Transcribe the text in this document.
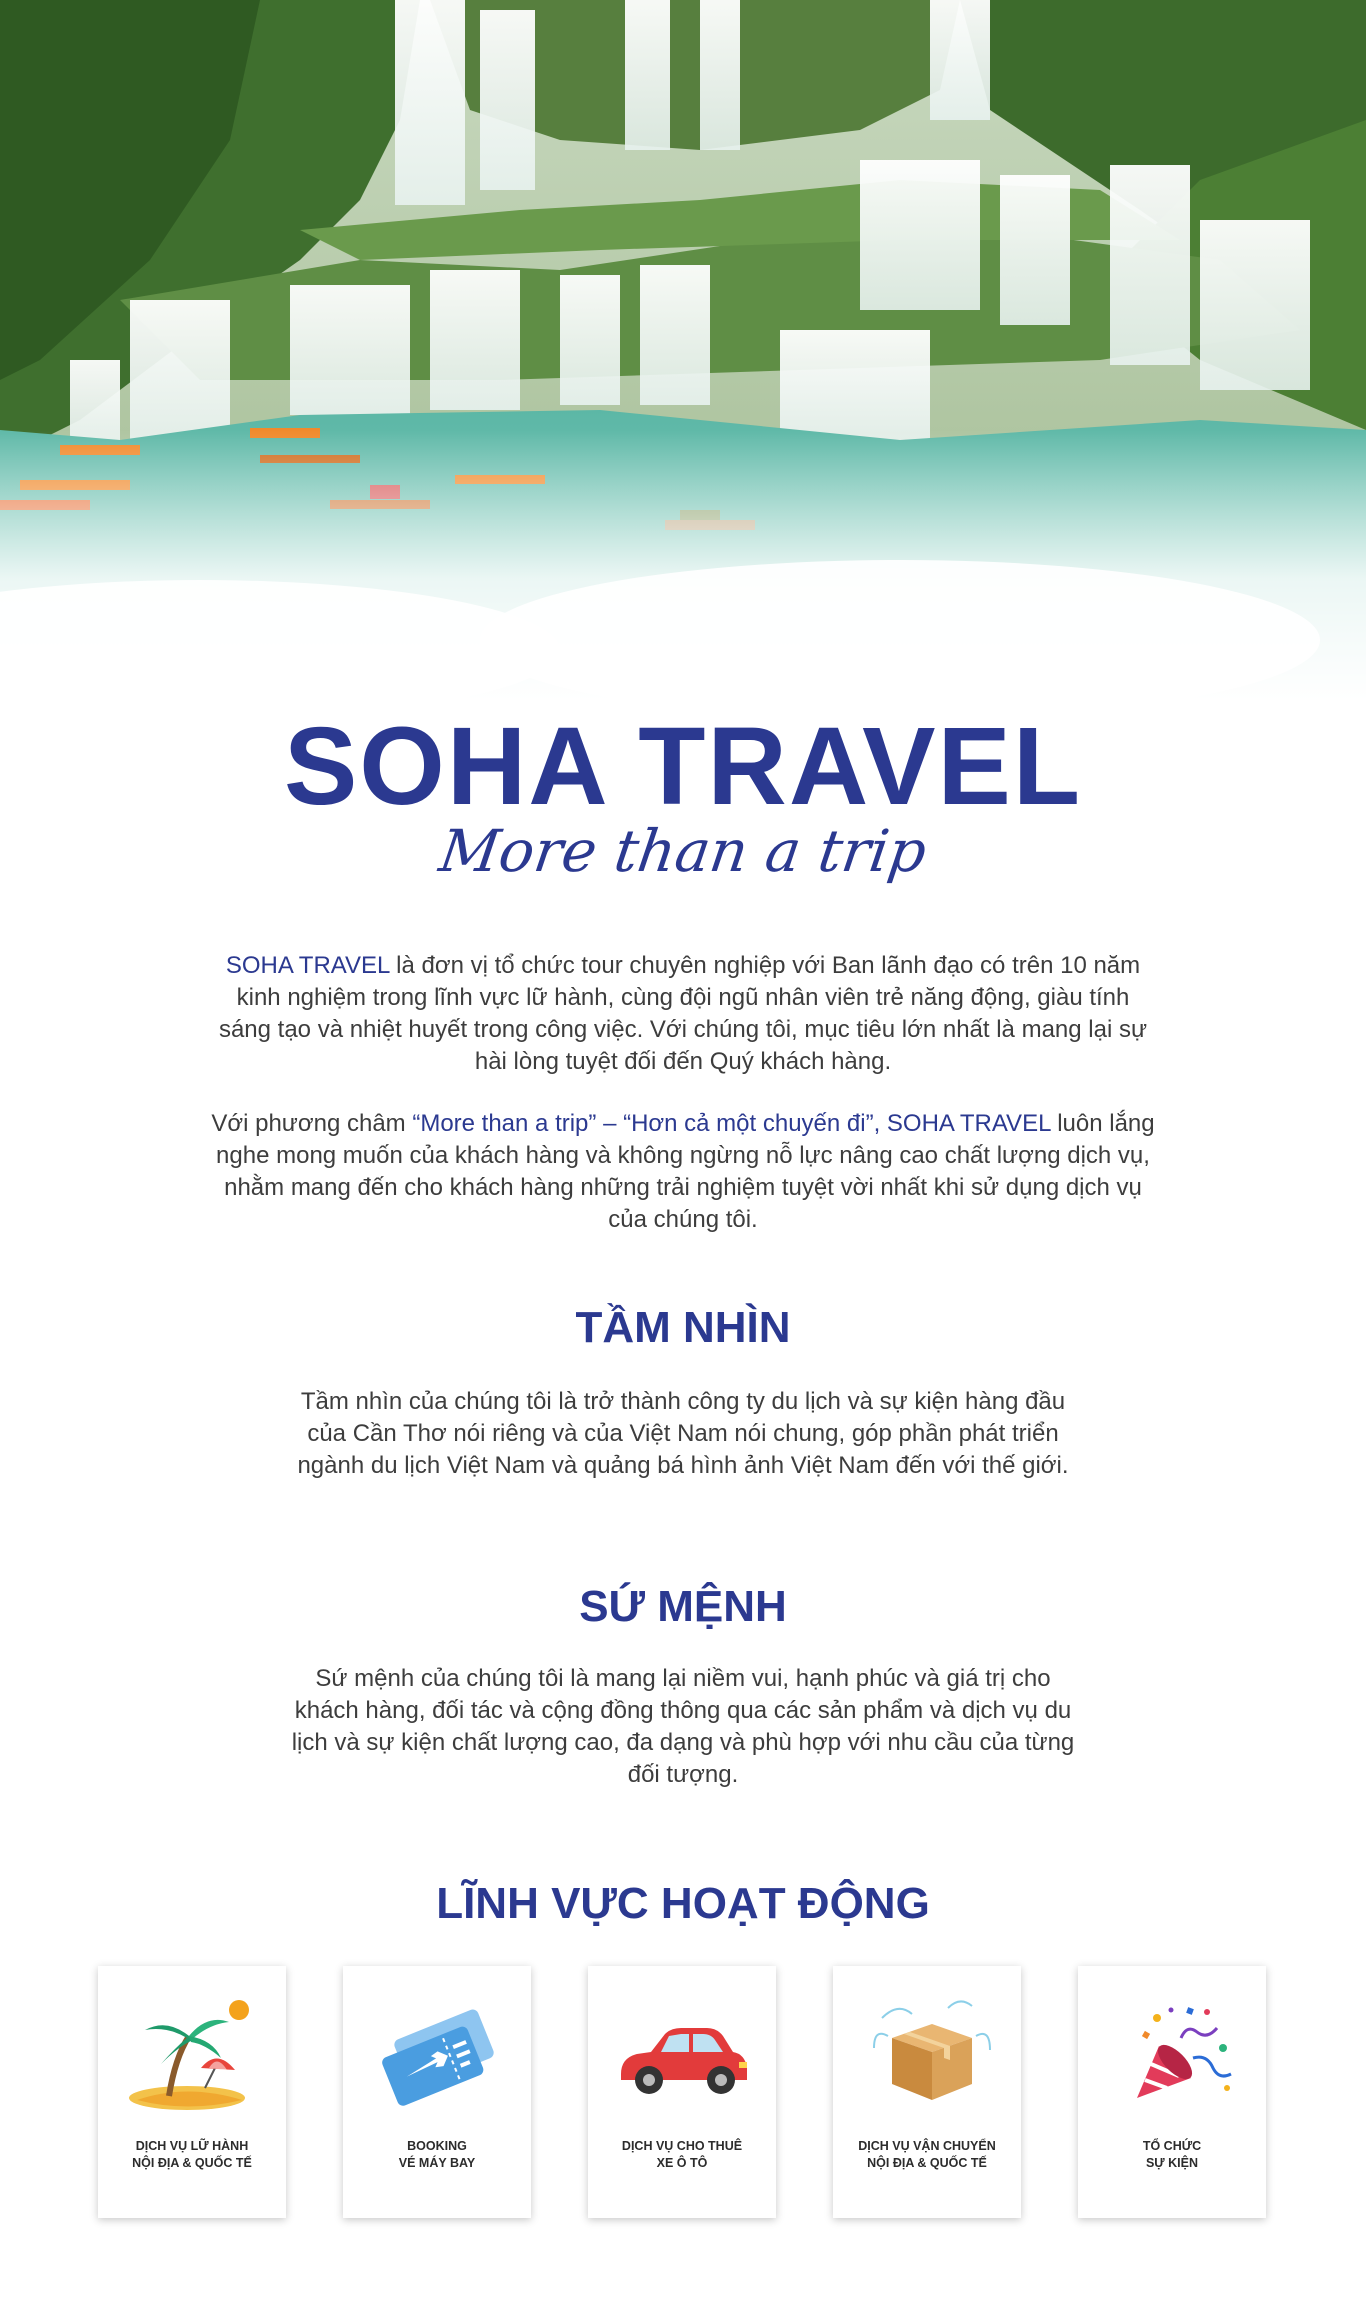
SOHA TRAVEL
More than a trip

SOHA TRAVEL là đơn vị tổ chức tour chuyên nghiệp với Ban lãnh đạo có trên 10 năm kinh nghiệm trong lĩnh vực lữ hành, cùng đội ngũ nhân viên trẻ năng động, giàu tính sáng tạo và nhiệt huyết trong công việc. Với chúng tôi, mục tiêu lớn nhất là mang lại sự hài lòng tuyệt đối đến Quý khách hàng.

Với phương châm “More than a trip” – “Hơn cả một chuyến đi”, SOHA TRAVEL luôn lắng nghe mong muốn của khách hàng và không ngừng nỗ lực nâng cao chất lượng dịch vụ, nhằm mang đến cho khách hàng những trải nghiệm tuyệt vời nhất khi sử dụng dịch vụ của chúng tôi.

TẦM NHÌN

Tầm nhìn của chúng tôi là trở thành công ty du lịch và sự kiện hàng đầu của Cần Thơ nói riêng và của Việt Nam nói chung, góp phần phát triển ngành du lịch Việt Nam và quảng bá hình ảnh Việt Nam đến với thế giới.

SỨ MỆNH

Sứ mệnh của chúng tôi là mang lại niềm vui, hạnh phúc và giá trị cho khách hàng, đối tác và cộng đồng thông qua các sản phẩm và dịch vụ du lịch và sự kiện chất lượng cao, đa dạng và phù hợp với nhu cầu của từng đối tượng.

LĨNH VỰC HOẠT ĐỘNG
DỊCH VỤ LỮ HÀNH
NỘI ĐỊA & QUỐC TẾ
BOOKING
VÉ MÁY BAY
DỊCH VỤ CHO THUÊ
XE Ô TÔ
DỊCH VỤ VẬN CHUYỂN
NỘI ĐỊA & QUỐC TẾ
TỔ CHỨC
SỰ KIỆN
